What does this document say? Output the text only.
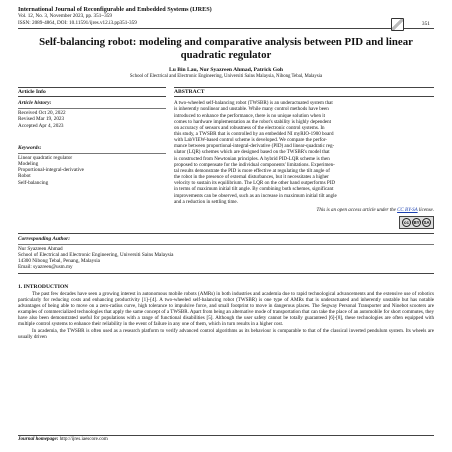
International Journal of Reconfigurable and Embedded Systems (IJRES)
Vol. 12, No. 3, November 2023, pp. 351~359
ISSN: 2089-4864, DOI: 10.11591/ijres.v12.i3.pp351-359	351
Self-balancing robot: modeling and comparative analysis between PID and linear quadratic regulator
Lu Bin Lau, Nur Syazreen Ahmad, Patrick Goh
School of Electrical and Electronic Engineering, Universiti Sains Malaysia, Nibong Tebal, Malaysia
Article Info
Article history:
Received Oct 20, 2022
Revised Mar 19, 2023
Accepted Apr 4, 2023
Keywords:
Linear quadratic regulator
Modeling
Proportional-integral-derivative
Robot
Self-balancing
ABSTRACT
A two-wheeled self-balancing robot (TWSBR) is an underactuated system that
is inherently nonlinear and unstable. While many control methods have been
introduced to enhance the performance, there is no unique solution when it
comes to hardware implementation as the robot's stability is highly dependent
on accuracy of sensors and robustness of the electronic control systems. In
this study, a TWSBR that is controlled by an embedded NI myRIO-1900 board
with LabVIEW-based control scheme is developed. We compare the perfor-
mance between proportional-integral-derivative (PID) and linear-quadratic reg-
ulator (LQR) schemes which are designed based on the TWSBR's model that
is constructed from Newtonian principles. A hybrid PID-LQR scheme is then
proposed to compensate for the individual components' limitations. Experimen-
tal results demonstrate the PID is more effective at regulating the tilt angle of
the robot in the presence of external disturbances, but it necessitates a higher
velocity to sustain its equilibrium. The LQR on the other hand outperforms PID
in terms of maximum initial tilt angle. By combining both schemes, significant
improvements can be observed, such as an increase in maximum initial tilt angle
and a reduction in settling time.
This is an open access article under the CC BY-SA license.
cc	BY SA
Corresponding Author:
Nur Syazreen Ahmad
School of Electrical and Electronic Engineering, Universiti Sains Malaysia
14300 Nibong Tebal, Penang, Malaysia
Email: syazreen@usm.my
1. INTRODUCTION

The past few decades have seen a growing interest in autonomous mobile robots (AMRs) in both industries and academia due to rapid technological advancements and the extensive use of robotics particularly for reducing costs and enhancing productivity [1]–[4]. A two-wheeled self-balancing robot (TWSBR) is one type of AMRs that is underactuated and inherently unstable but has notable advantages of being able to move on a zero-radius curve, high tolerance to impulsive force, and small footprint to move in dangerous places. The Segway Personal Transporter and Ninebot scooters are examples of commercialized technologies that apply the same concept of a TWSBR. Apart from being an alternative mode of transportation that can take the place of an automobile for short commutes, they have also been demonstrated useful for populations with a range of functional disabilities [5]. Although the user safety cannot be totally guaranteed [6]-[8], these technologies are often equipped with multiple control systems to enhance their reliability in the event of failure in any one of them, which in turn results in a higher cost.

In academia, the TWSBR is often used as a research platform to verify advanced control algorithms as its behaviour is comparable to that of the classical inverted pendulum system. Its wheels are usually driven

Journal homepage: http://ijres.iaescore.com
